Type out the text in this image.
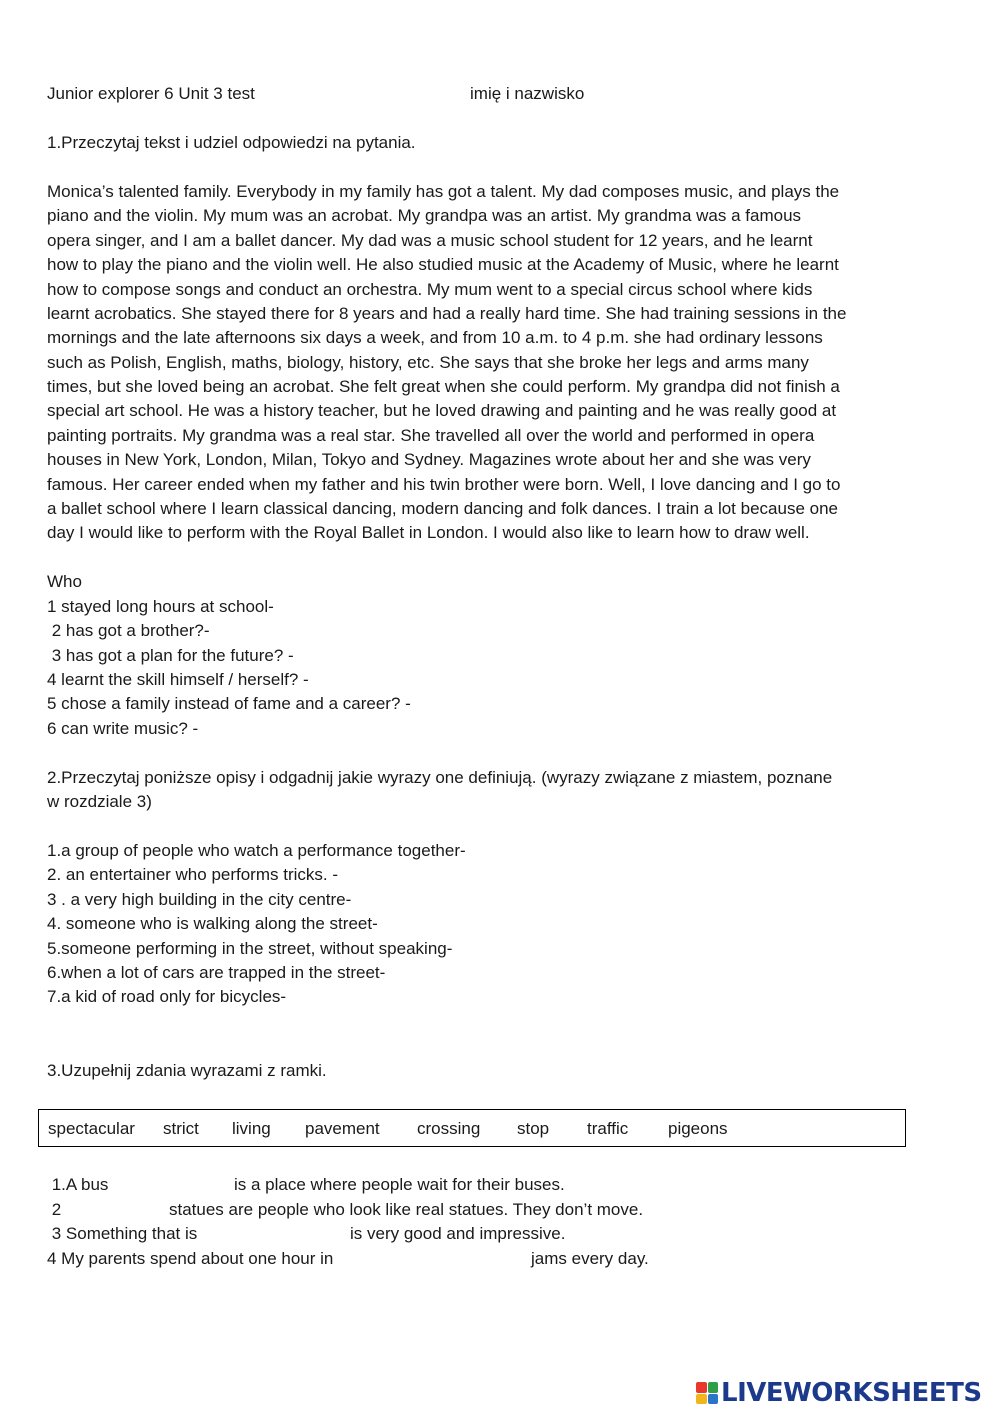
Junior explorer 6 Unit 3 test	imię i nazwisko
1.Przeczytaj tekst i udziel odpowiedzi na pytania.
Monica’s talented family. Everybody in my family has got a talent. My dad composes music, and plays the
piano and the violin. My mum was an acrobat. My grandpa was an artist. My grandma was a famous
opera singer, and I am a ballet dancer. My dad was a music school student for 12 years, and he learnt
how to play the piano and the violin well. He also studied music at the Academy of Music, where he learnt
how to compose songs and conduct an orchestra. My mum went to a special circus school where kids
learnt acrobatics. She stayed there for 8 years and had a really hard time. She had training sessions in the
mornings and the late afternoons six days a week, and from 10 a.m. to 4 p.m. she had ordinary lessons
such as Polish, English, maths, biology, history, etc. She says that she broke her legs and arms many
times, but she loved being an acrobat. She felt great when she could perform. My grandpa did not finish a
special art school. He was a history teacher, but he loved drawing and painting and he was really good at
painting portraits. My grandma was a real star. She travelled all over the world and performed in opera
houses in New York, London, Milan, Tokyo and Sydney. Magazines wrote about her and she was very
famous. Her career ended when my father and his twin brother were born. Well, I love dancing and I go to
a ballet school where I learn classical dancing, modern dancing and folk dances. I train a lot because one
day I would like to perform with the Royal Ballet in London. I would also like to learn how to draw well.
Who
1 stayed long hours at school-
2 has got a brother?-
3 has got a plan for the future? -
4 learnt the skill himself / herself? -
5 chose a family instead of fame and a career? -
6 can write music? -
2.Przeczytaj poniższe opisy i odgadnij jakie wyrazy one definiują. (wyrazy związane z miastem, poznane
w rozdziale 3)
1.a group of people who watch a performance together-
2. an entertainer who performs tricks. -
3 . a very high building in the city centre-
4. someone who is walking along the street-
5.someone performing in the street, without speaking-
6.when a lot of cars are trapped in the street-
7.a kid of road only for bicycles-
3.Uzupełnij zdania wyrazami z ramki.
spectacular strict living pavement crossing stop traffic pigeons
1.A bus	is a place where people wait for their buses.
2	statues are people who look like real statues. They don’t move.
3 Something that is	is very good and impressive.
4 My parents spend about one hour in	jams every day.
LIVEWORKSHEETS
